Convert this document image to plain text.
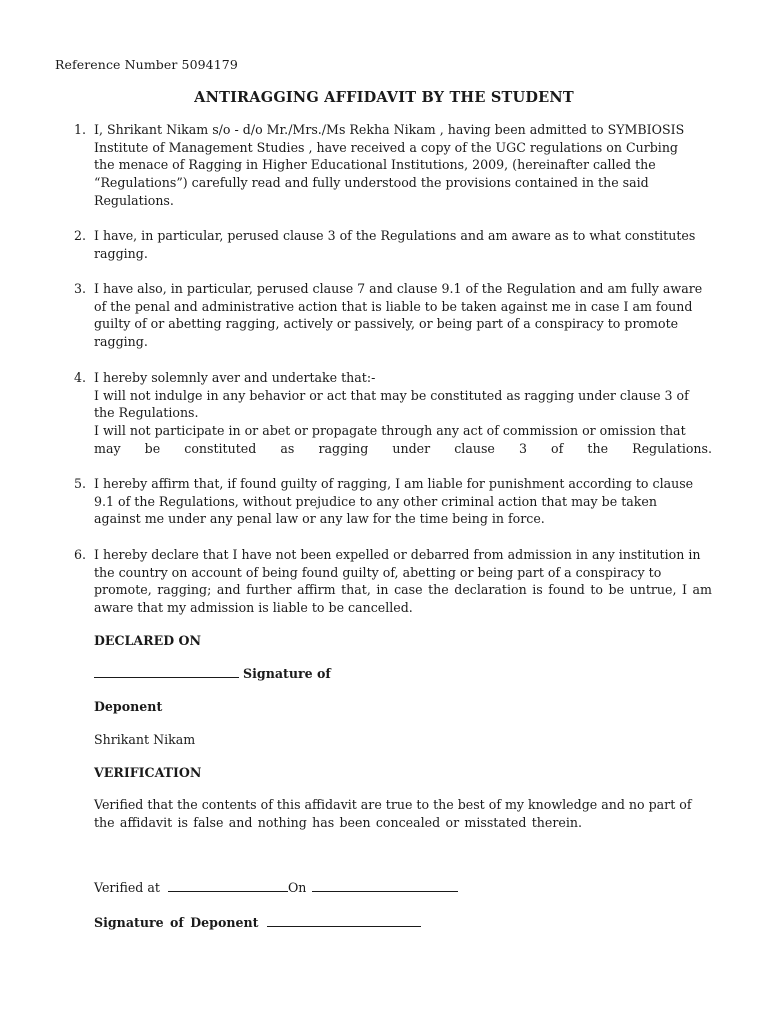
Reference Number 5094179
ANTIRAGGING AFFIDAVIT BY THE STUDENT
1. I, Shrikant Nikam s/o - d/o Mr./Mrs./Ms Rekha Nikam , having been admitted to SYMBIOSIS
Institute of Management Studies , have received a copy of the UGC regulations on Curbing
the menace of Ragging in Higher Educational Institutions, 2009, (hereinafter called the
“Regulations”) carefully read and fully understood the provisions contained in the said
Regulations.
2. I have, in particular, perused clause 3 of the Regulations and am aware as to what constitutes
ragging.
3. I have also, in particular, perused clause 7 and clause 9.1 of the Regulation and am fully aware
of the penal and administrative action that is liable to be taken against me in case I am found
guilty of or abetting ragging, actively or passively, or being part of a conspiracy to promote
ragging.
4. I hereby solemnly aver and undertake that:-
I will not indulge in any behavior or act that may be constituted as ragging under clause 3 of
the Regulations.
I will not participate in or abet or propagate through any act of commission or omission that
may be constituted as ragging under clause 3 of the Regulations.
5. I hereby affirm that, if found guilty of ragging, I am liable for punishment according to clause
9.1 of the Regulations, without prejudice to any other criminal action that may be taken
against me under any penal law or any law for the time being in force.
6. I hereby declare that I have not been expelled or debarred from admission in any institution in
the country on account of being found guilty of, abetting or being part of a conspiracy to
promote, ragging; and further affirm that, in case the declaration is found to be untrue, I am
aware that my admission is liable to be cancelled.
DECLARED ON
Signature of
Deponent
Shrikant Nikam
VERIFICATION
Verified that the contents of this affidavit are true to the best of my knowledge and no part of
the affidavit is false and nothing has been concealed or misstated therein.
Verified at	On
Signature of Deponent
